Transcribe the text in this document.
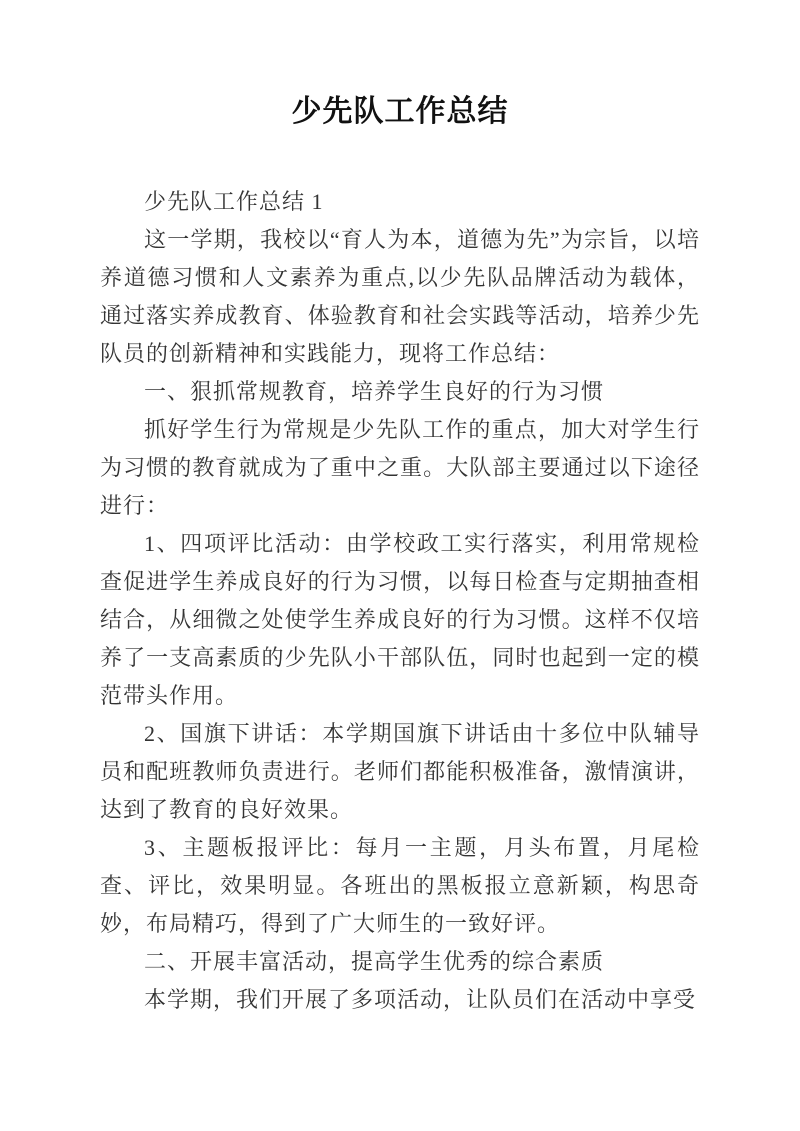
少先队工作总结

少先队工作总结 1

这一学期，我校以“育人为本，道德为先”为宗旨，以培养道德习惯和人文素养为重点,以少先队品牌活动为载体，通过落实养成教育、体验教育和社会实践等活动，培养少先队员的创新精神和实践能力，现将工作总结：

一、狠抓常规教育，培养学生良好的行为习惯

抓好学生行为常规是少先队工作的重点，加大对学生行为习惯的教育就成为了重中之重。大队部主要通过以下途径进行：

1、四项评比活动：由学校政工实行落实，利用常规检查促进学生养成良好的行为习惯，以每日检查与定期抽查相结合，从细微之处使学生养成良好的行为习惯。这样不仅培养了一支高素质的少先队小干部队伍，同时也起到一定的模范带头作用。

2、国旗下讲话：本学期国旗下讲话由十多位中队辅导员和配班教师负责进行。老师们都能积极准备，激情演讲，达到了教育的良好效果。

3、主题板报评比：每月一主题，月头布置，月尾检查、评比，效果明显。各班出的黑板报立意新颖，构思奇妙，布局精巧，得到了广大师生的一致好评。

二、开展丰富活动，提高学生优秀的综合素质

本学期，我们开展了多项活动，让队员们在活动中享受
